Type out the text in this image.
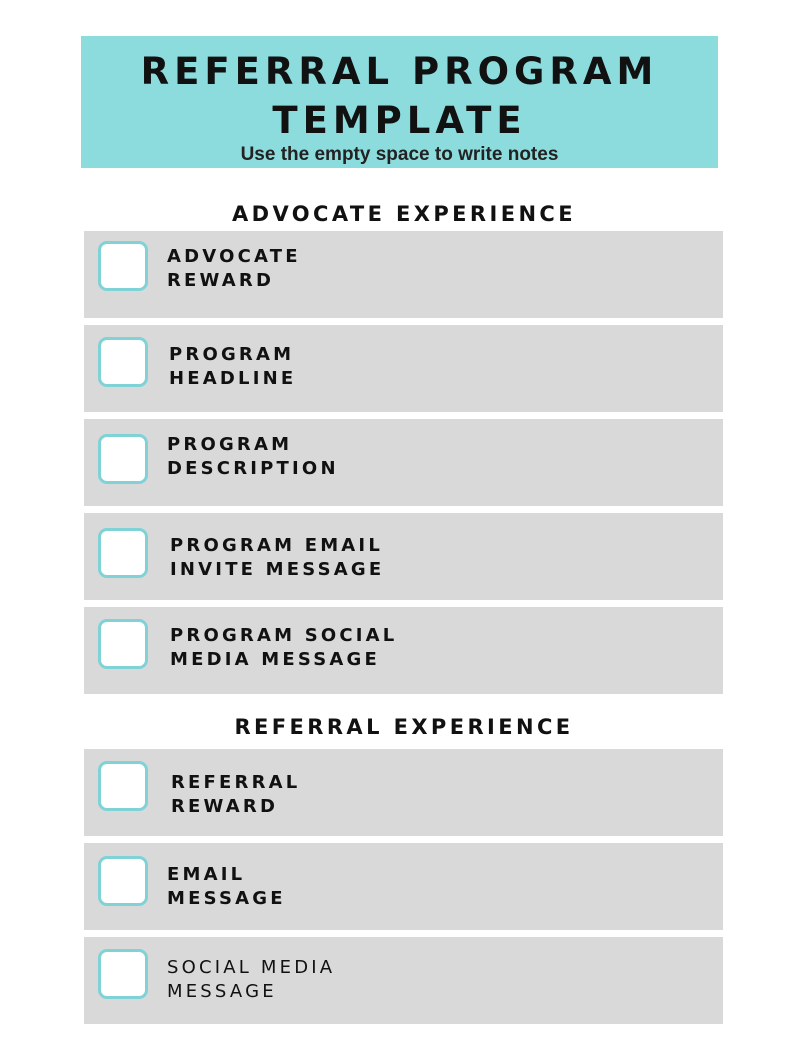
REFERRAL PROGRAM
TEMPLATE
Use the empty space to write notes
ADVOCATE EXPERIENCE
ADVOCATE
REWARD
PROGRAM
HEADLINE
PROGRAM
DESCRIPTION
PROGRAM EMAIL
INVITE MESSAGE
PROGRAM SOCIAL
MEDIA MESSAGE
REFERRAL EXPERIENCE
REFERRAL
REWARD
EMAIL
MESSAGE
SOCIAL MEDIA
MESSAGE
